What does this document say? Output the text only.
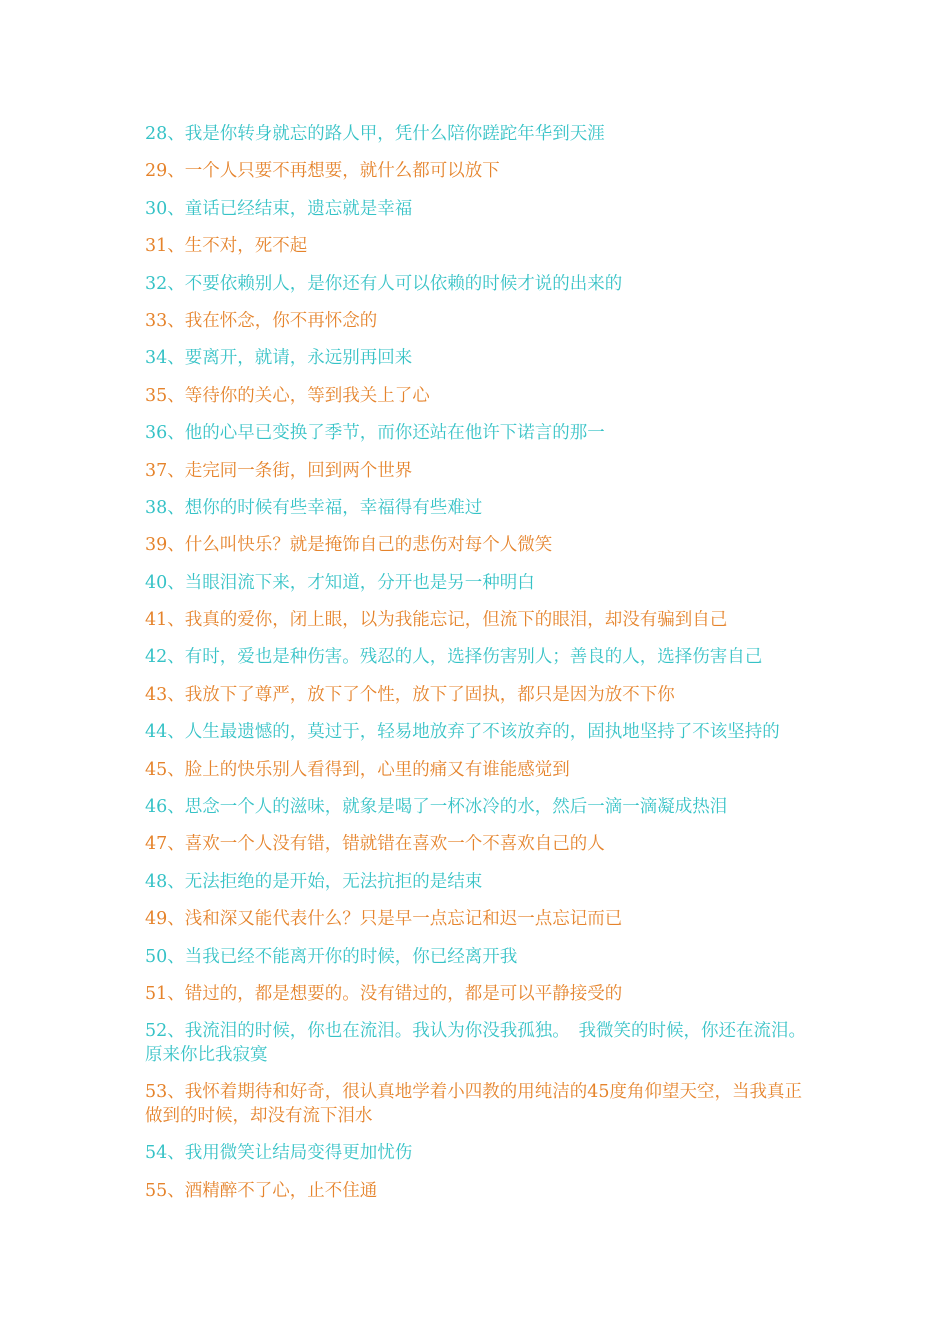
28、我是你转身就忘的路人甲，凭什么陪你蹉跎年华到天涯
29、一个人只要不再想要，就什么都可以放下
30、童话已经结束，遗忘就是幸福
31、生不对，死不起
32、不要依赖别人，是你还有人可以依赖的时候才说的出来的
33、我在怀念，你不再怀念的
34、要离开，就请，永远别再回来
35、等待你的关心，等到我关上了心
36、他的心早已变换了季节，而你还站在他许下诺言的那一
37、走完同一条街，回到两个世界
38、想你的时候有些幸福，幸福得有些难过
39、什么叫快乐？就是掩饰自己的悲伤对每个人微笑
40、当眼泪流下来，才知道，分开也是另一种明白
41、我真的爱你，闭上眼，以为我能忘记，但流下的眼泪，却没有骗到自己
42、有时，爱也是种伤害。残忍的人，选择伤害别人；善良的人，选择伤害自己
43、我放下了尊严，放下了个性，放下了固执，都只是因为放不下你
44、人生最遗憾的，莫过于，轻易地放弃了不该放弃的，固执地坚持了不该坚持的
45、脸上的快乐别人看得到，心里的痛又有谁能感觉到
46、思念一个人的滋味，就象是喝了一杯冰冷的水，然后一滴一滴凝成热泪
47、喜欢一个人没有错，错就错在喜欢一个不喜欢自己的人
48、无法拒绝的是开始，无法抗拒的是结束
49、浅和深又能代表什么？只是早一点忘记和迟一点忘记而已
50、当我已经不能离开你的时候，你已经离开我
51、错过的，都是想要的。没有错过的，都是可以平静接受的
52、我流泪的时候，你也在流泪。我认为你没我孤独。　我微笑的时候，你还在流泪。原来你比我寂寞
53、我怀着期待和好奇，很认真地学着小四教的用纯洁的45度角仰望天空，当我真正做到的时候，却没有流下泪水
54、我用微笑让结局变得更加忧伤
55、酒精醉不了心，止不住通
